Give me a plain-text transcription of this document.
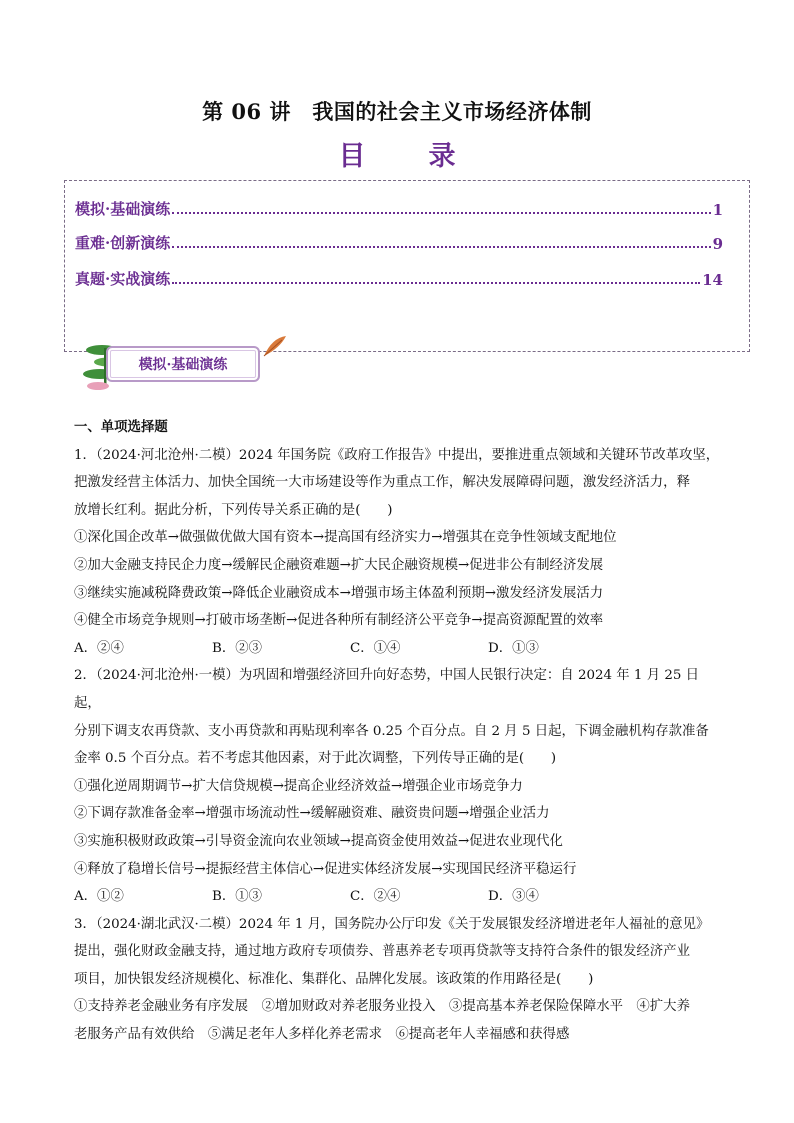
第 06 讲　我国的社会主义市场经济体制
目　录
模拟·基础演练	1
重难·创新演练	9
真题·实战演练	14
模拟·基础演练

一、单项选择题

1．（2024·河北沧州·二模）2024 年国务院《政府工作报告》中提出，要推进重点领域和关键环节改革攻坚，

把激发经营主体活力、加快全国统一大市场建设等作为重点工作，解决发展障碍问题，激发经济活力，释

放增长红利。据此分析，下列传导关系正确的是(　　)

①深化国企改革→做强做优做大国有资本→提高国有经济实力→增强其在竞争性领域支配地位

②加大金融支持民企力度→缓解民企融资难题→扩大民企融资规模→促进非公有制经济发展

③继续实施减税降费政策→降低企业融资成本→增强市场主体盈利预期→激发经济发展活力

④健全市场竞争规则→打破市场垄断→促进各种所有制经济公平竞争→提高资源配置的效率

A．②④	B．②③	C．①④	D．①③

2．（2024·河北沧州·一模）为巩固和增强经济回升向好态势，中国人民银行决定：自 2024 年 1 月 25 日起，

分别下调支农再贷款、支小再贷款和再贴现利率各 0.25 个百分点。自 2 月 5 日起，下调金融机构存款准备

金率 0.5 个百分点。若不考虑其他因素，对于此次调整，下列传导正确的是(　　)

①强化逆周期调节→扩大信贷规模→提高企业经济效益→增强企业市场竞争力

②下调存款准备金率→增强市场流动性→缓解融资难、融资贵问题→增强企业活力

③实施积极财政政策→引导资金流向农业领域→提高资金使用效益→促进农业现代化

④释放了稳增长信号→提振经营主体信心→促进实体经济发展→实现国民经济平稳运行

A．①②	B．①③	C．②④	D．③④

3．（2024·湖北武汉·二模）2024 年 1 月，国务院办公厅印发《关于发展银发经济增进老年人福祉的意见》

提出，强化财政金融支持，通过地方政府专项债券、普惠养老专项再贷款等支持符合条件的银发经济产业

项目，加快银发经济规模化、标准化、集群化、品牌化发展。该政策的作用路径是(　　)

①支持养老金融业务有序发展　②增加财政对养老服务业投入　③提高基本养老保险保障水平　④扩大养

老服务产品有效供给　⑤满足老年人多样化养老需求　⑥提高老年人幸福感和获得感
